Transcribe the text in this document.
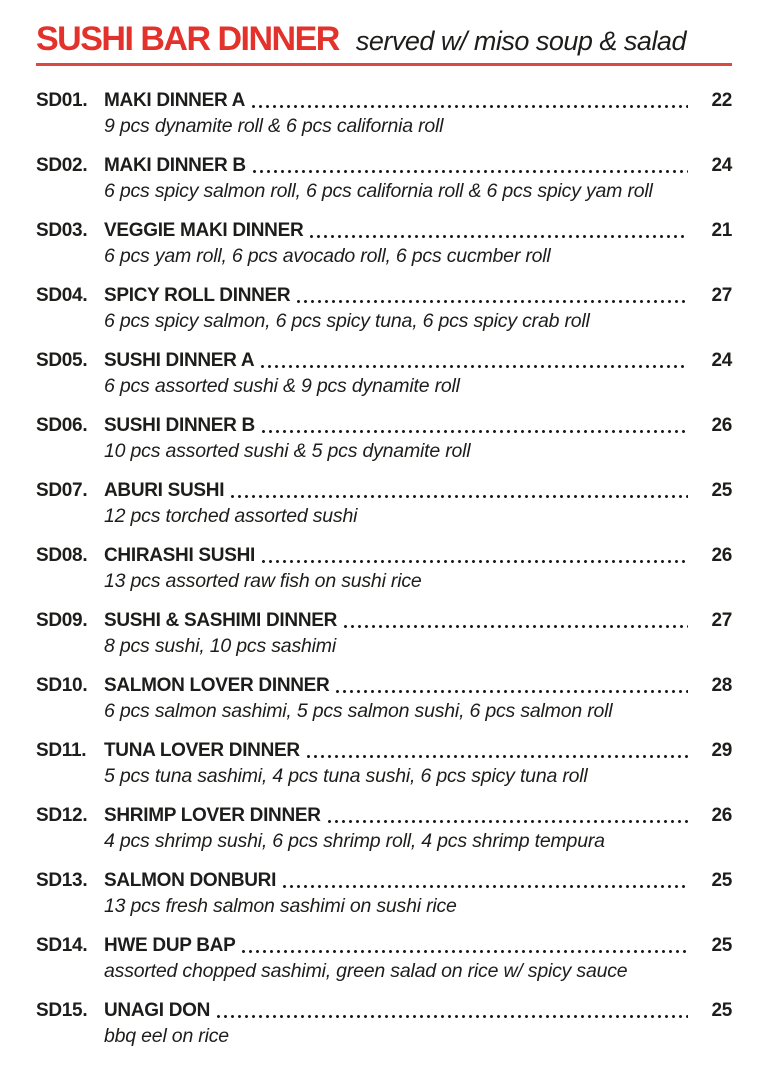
SUSHI BAR DINNER served w/ miso soup & salad
SD01. MAKI DINNER A	22
9 pcs dynamite roll & 6 pcs california roll
SD02. MAKI DINNER B	24
6 pcs spicy salmon roll, 6 pcs california roll & 6 pcs spicy yam roll
SD03. VEGGIE MAKI DINNER	21
6 pcs yam roll, 6 pcs avocado roll, 6 pcs cucmber roll
SD04. SPICY ROLL DINNER	27
6 pcs spicy salmon, 6 pcs spicy tuna, 6 pcs spicy crab roll
SD05. SUSHI DINNER A	24
6 pcs assorted sushi & 9 pcs dynamite roll
SD06. SUSHI DINNER B	26
10 pcs assorted sushi & 5 pcs dynamite roll
SD07. ABURI SUSHI	25
12 pcs torched assorted sushi
SD08. CHIRASHI SUSHI	26
13 pcs assorted raw fish on sushi rice
SD09. SUSHI & SASHIMI DINNER	27
8 pcs sushi, 10 pcs sashimi
SD10. SALMON LOVER DINNER	28
6 pcs salmon sashimi, 5 pcs salmon sushi, 6 pcs salmon roll
SD11. TUNA LOVER DINNER	29
5 pcs tuna sashimi, 4 pcs tuna sushi, 6 pcs spicy tuna roll
SD12. SHRIMP LOVER DINNER	26
4 pcs shrimp sushi, 6 pcs shrimp roll, 4 pcs shrimp tempura
SD13. SALMON DONBURI	25
13 pcs fresh salmon sashimi on sushi rice
SD14. HWE DUP BAP	25
assorted chopped sashimi, green salad on rice w/ spicy sauce
SD15. UNAGI DON	25
bbq eel on rice
